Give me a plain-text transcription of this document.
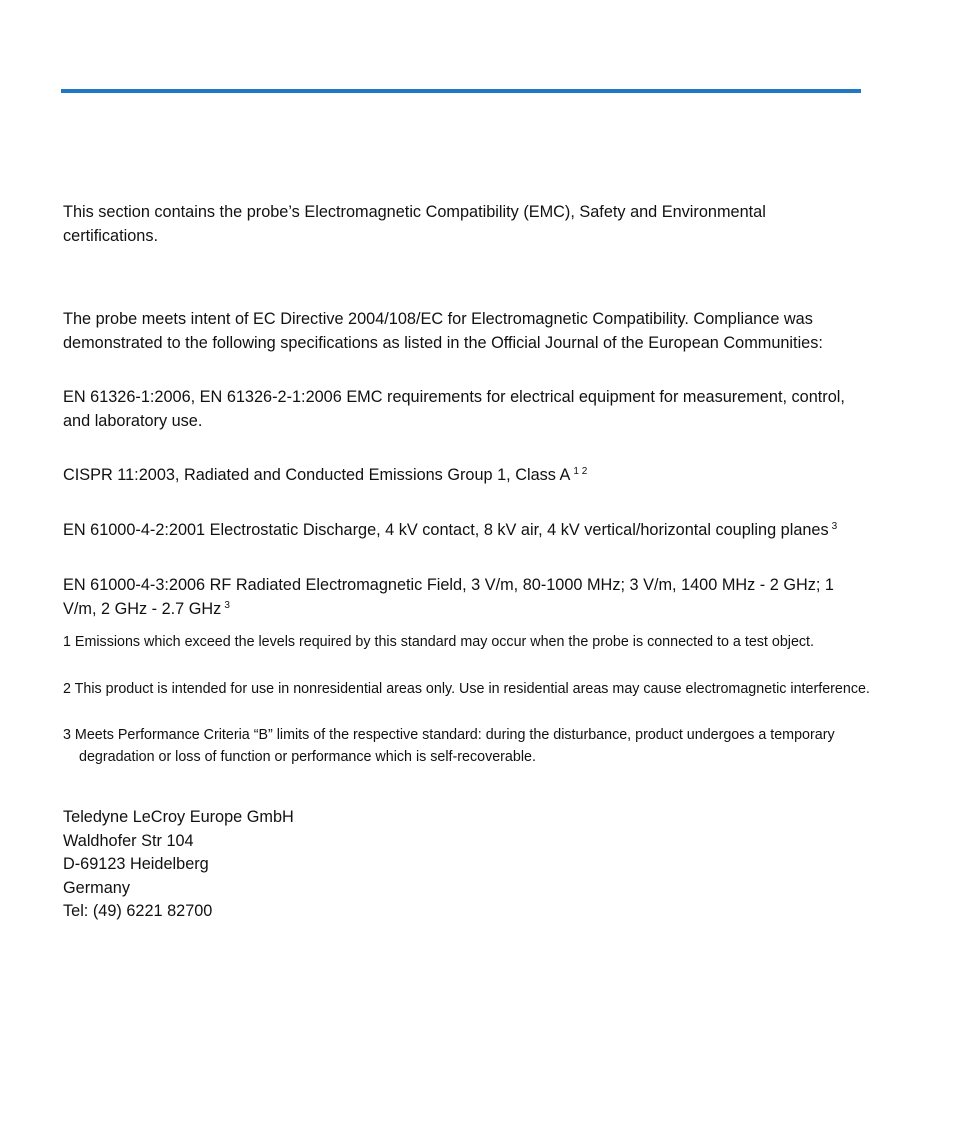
This section contains the probe’s Electromagnetic Compatibility (EMC), Safety and Environmental certifications.

The probe meets intent of EC Directive 2004/108/EC for Electromagnetic Compatibility. Compliance was demonstrated to the following specifications as listed in the Official Journal of the European Communities:

EN 61326-1:2006, EN 61326-2-1:2006 EMC requirements for electrical equipment for measurement, control, and laboratory use.

CISPR 11:2003, Radiated and Conducted Emissions Group 1, Class A $^{1 2}$

EN 61000-4-2:2001 Electrostatic Discharge, 4 kV contact, 8 kV air, 4 kV vertical/horizontal coupling planes $^3$

EN 61000-4-3:2006 RF Radiated Electromagnetic Field, 3 V/m, 80-1000 MHz; 3 V/m, 1400 MHz - 2 GHz; 1 V/m, 2 GHz - 2.7 GHz $^3$

1 Emissions which exceed the levels required by this standard may occur when the probe is connected to a test object.
2 This product is intended for use in nonresidential areas only. Use in residential areas may cause electromagnetic interference.
3 Meets Performance Criteria “B” limits of the respective standard: during the disturbance, product undergoes a temporary degradation or loss of function or performance which is self-recoverable.

Teledyne LeCroy Europe GmbH

Waldhofer Str 104

D-69123 Heidelberg

Germany

Tel: (49) 6221 82700
